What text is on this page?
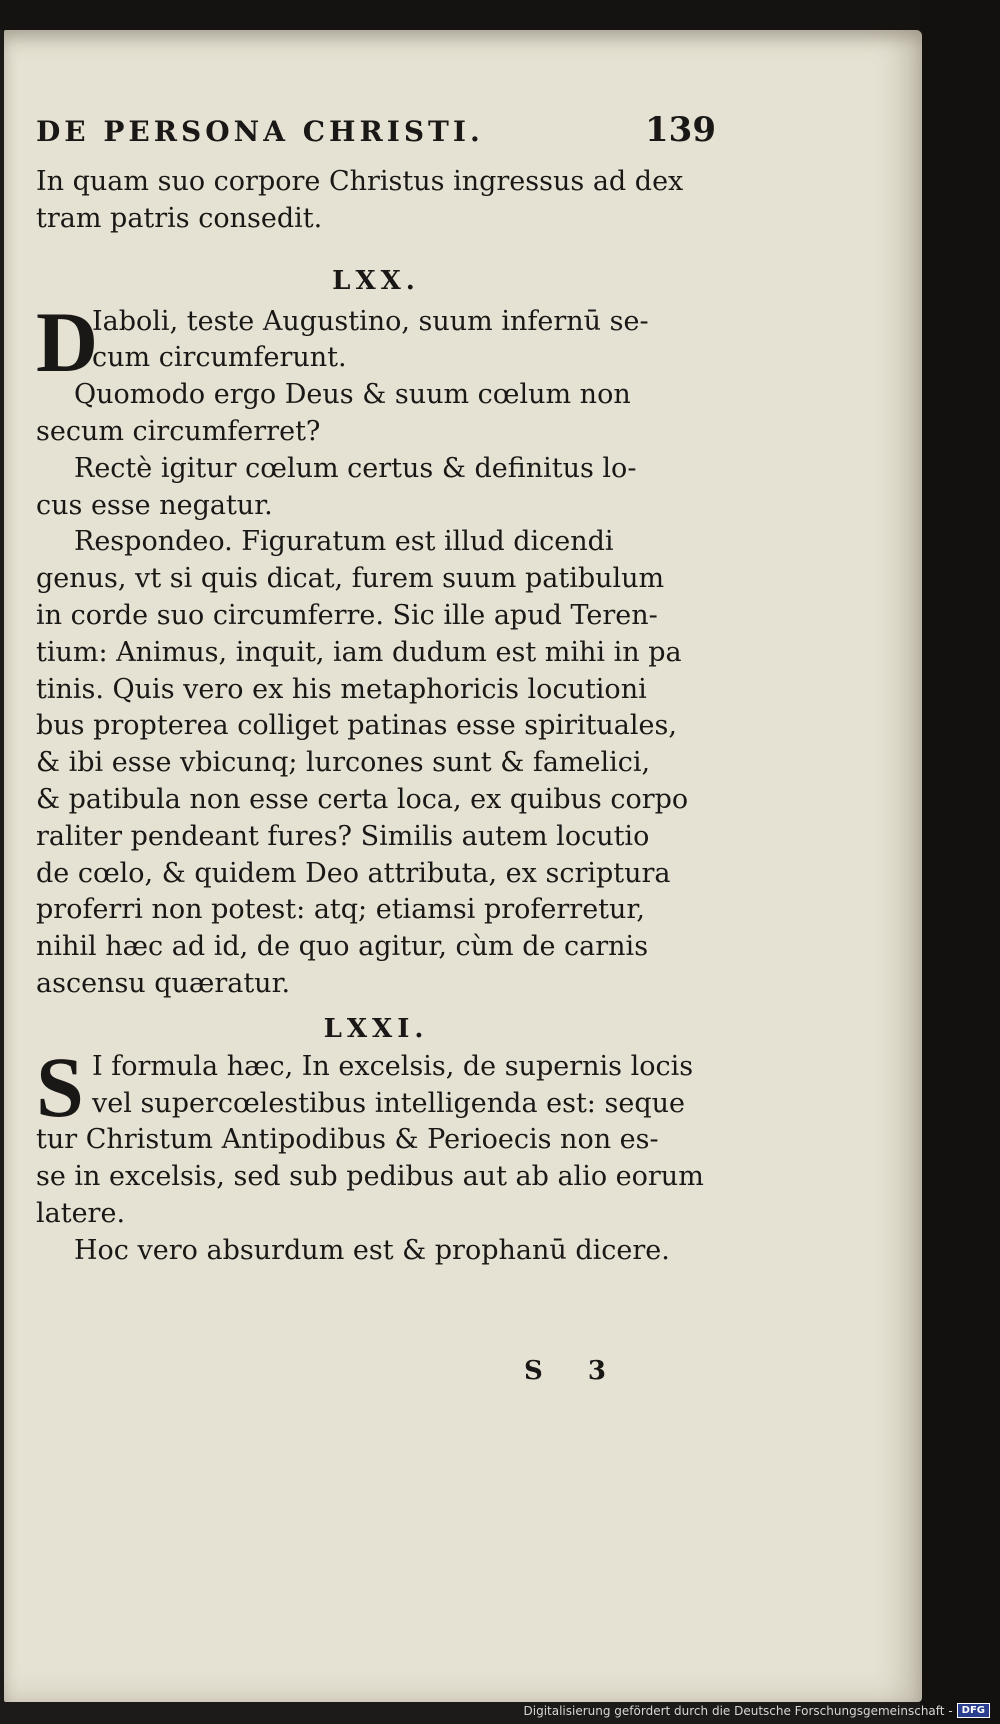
DE PERSONA CHRISTI.	139
In quam suo corpore Christus ingressus ad dex
tram patris consedit.
LXX.
D
Iaboli, teste Augustino, suum infernū se-
cum circumferunt.
Quomodo ergo Deus & suum cœlum non
secum circumferret?
Rectè igitur cœlum certus & definitus lo-
cus esse negatur.
Respondeo. Figuratum est illud dicendi
genus, vt si quis dicat, furem suum patibulum
in corde suo circumferre. Sic ille apud Teren-
tium: Animus, inquit, iam dudum est mihi in pa
tinis. Quis vero ex his metaphoricis locutioni
bus propterea colliget patinas esse spirituales,
& ibi esse vbicunq; lurcones sunt & famelici,
& patibula non esse certa loca, ex quibus corpo
raliter pendeant fures? Similis autem locutio
de cœlo, & quidem Deo attributa, ex scriptura
proferri non potest: atq; etiamsi proferretur,
nihil hæc ad id, de quo agitur, cùm de carnis
ascensu quæratur.
LXXI.
S I formula hæc, In excelsis, de supernis locis
vel supercœlestibus intelligenda est: seque
tur Christum Antipodibus & Perioecis non es-
se in excelsis, sed sub pedibus aut ab alio eorum
latere.
Hoc vero absurdum est & prophanū dicere.
S 3
Digitalisierung gefördert durch die Deutsche Forschungsgemeinschaft - DFG
